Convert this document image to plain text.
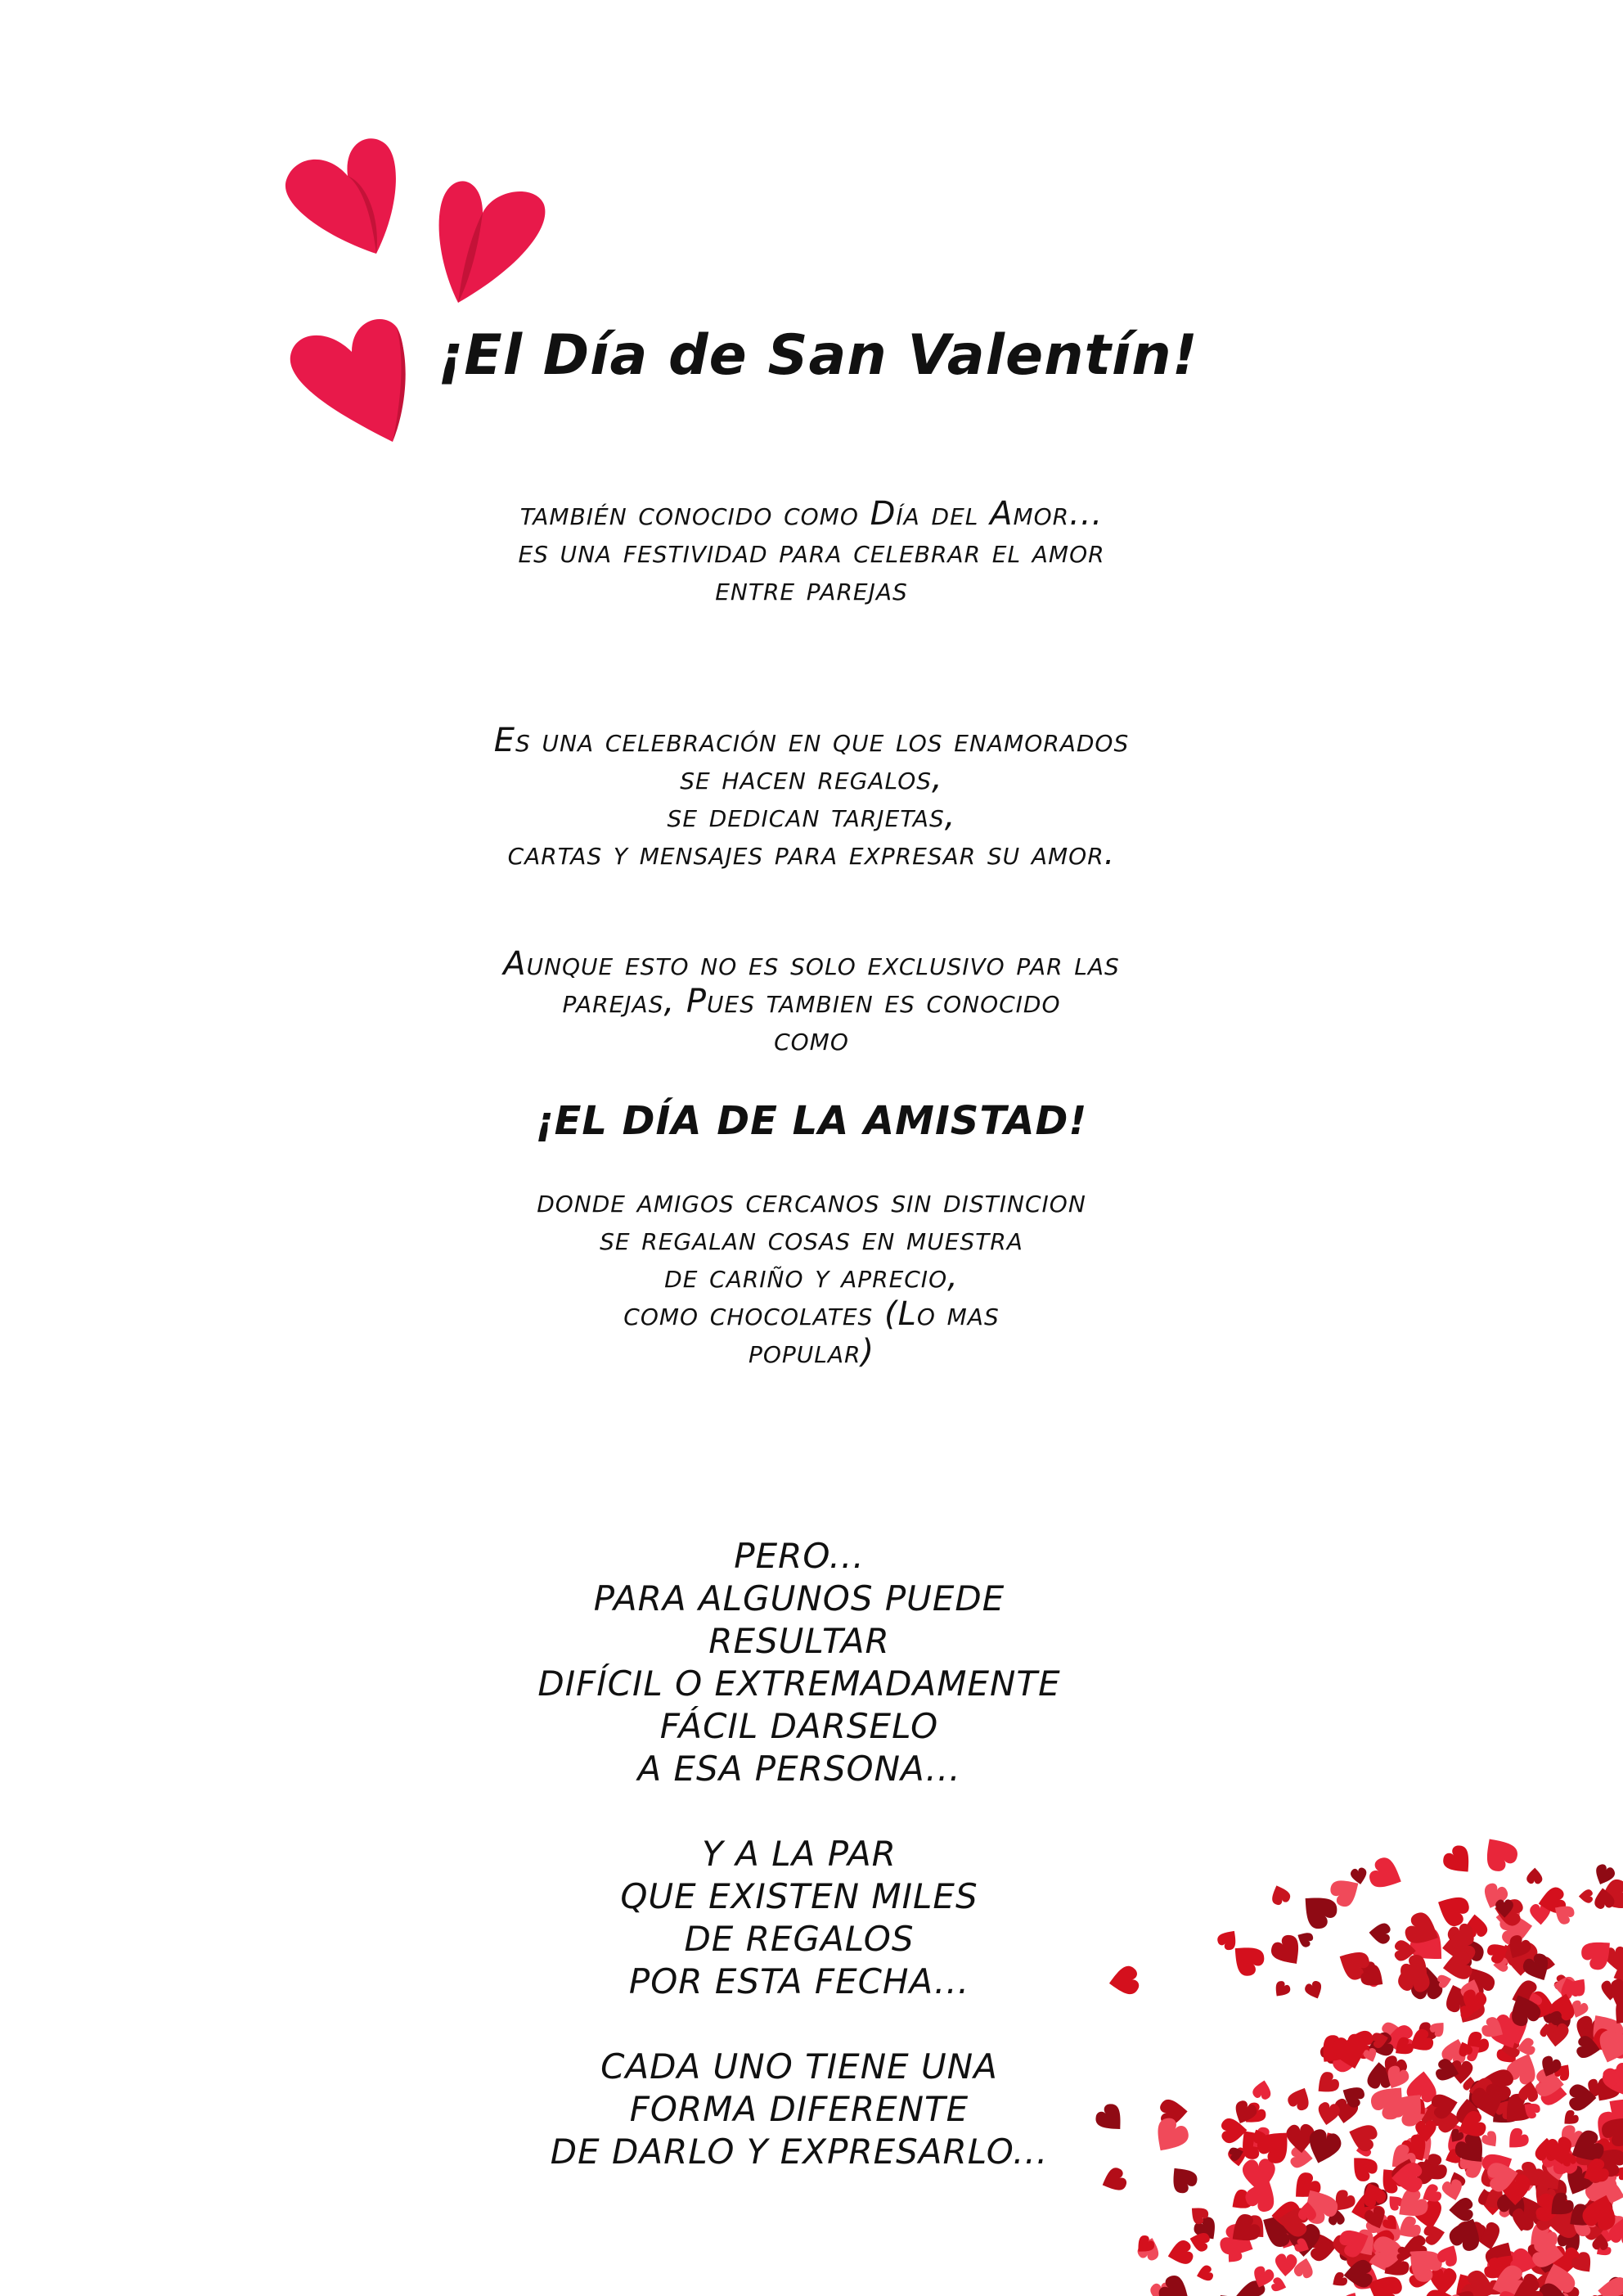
¡El Día de San Valentín!

también conocido como Día del Amor...
es una festividad para celebrar el amor
entre parejas

Es una celebración en que los enamorados
se hacen regalos,
se dedican tarjetas,
cartas y mensajes para expresar su amor.

Aunque esto no es solo exclusivo par las
parejas, Pues tambien es conocido
como

¡EL DÍA DE LA AMISTAD!

donde amigos cercanos sin distincion
se regalan cosas en muestra
de cariño y aprecio,
como chocolates (Lo mas
popular)

PERO...
PARA ALGUNOS PUEDE
RESULTAR
DIFÍCIL O EXTREMADAMENTE
FÁCIL DARSELO
A ESA PERSONA...

Y A LA PAR
QUE EXISTEN MILES
DE REGALOS
POR ESTA FECHA...

CADA UNO TIENE UNA
FORMA DIFERENTE
DE DARLO Y EXPRESARLO...
